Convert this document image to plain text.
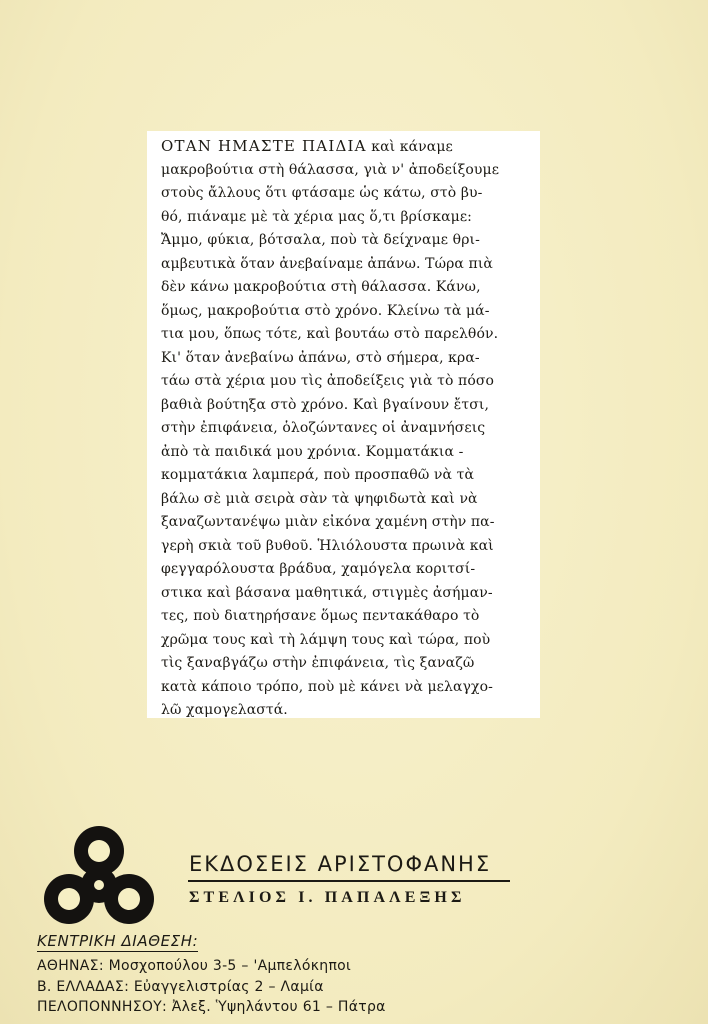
ΟΤΑΝ ΗΜΑΣΤΕ ΠΑΙΔΙΑ καὶ κάναμε
μακροβούτια στὴ θάλασσα, γιὰ ν' ἀποδείξουμε
στοὺς ἄλλους ὅτι φτάσαμε ὡς κάτω, στὸ βυ-
θό, πιάναμε μὲ τὰ χέρια μας ὅ,τι βρίσκαμε:
Ἄμμο, φύκια, βότσαλα, ποὺ τὰ δείχναμε θρι-
αμβευτικὰ ὅταν ἀνεβαίναμε ἀπάνω. Τώρα πιὰ
δὲν κάνω μακροβούτια στὴ θάλασσα. Κάνω,
ὅμως, μακροβούτια στὸ χρόνο. Κλείνω τὰ μά-
τια μου, ὅπως τότε, καὶ βουτάω στὸ παρελθόν.
Κι' ὅταν ἀνεβαίνω ἀπάνω, στὸ σήμερα, κρα-
τάω στὰ χέρια μου τὶς ἀποδείξεις γιὰ τὸ πόσο
βαθιὰ βούτηξα στὸ χρόνο. Καὶ βγαίνουν ἔτσι,
στὴν ἐπιφάνεια, ὁλοζώντανες οἱ ἀναμνήσεις
ἀπὸ τὰ παιδικά μου χρόνια. Κομματάκια -
κομματάκια λαμπερά, ποὺ προσπαθῶ νὰ τὰ
βάλω σὲ μιὰ σειρὰ σὰν τὰ ψηφιδωτὰ καὶ νὰ
ξαναζωντανέψω μιὰν εἰκόνα χαμένη στὴν πα-
γερὴ σκιὰ τοῦ βυθοῦ. Ἡλιόλουστα πρωινὰ καὶ
φεγγαρόλουστα βράδυα, χαμόγελα κοριτσί-
στικα καὶ βάσανα μαθητικά, στιγμὲς ἀσήμαν-
τες, ποὺ διατηρήσανε ὅμως πεντακάθαρο τὸ
χρῶμα τους καὶ τὴ λάμψη τους καὶ τώρα, ποὺ
τὶς ξαναβγάζω στὴν ἐπιφάνεια, τὶς ξαναζῶ
κατὰ κάποιο τρόπο, ποὺ μὲ κάνει νὰ μελαγχο-
λῶ χαμογελαστά.
ΕΚΔΟΣΕΙΣ ΑΡΙΣΤΟΦΑΝΗΣ
ΣΤΕΛΙΟΣ Ι. ΠΑΠΑΛΕΞΗΣ
ΚΕΝΤΡΙΚΗ ΔΙΑΘΕΣΗ:
ΑΘΗΝΑΣ: Μοσχοπούλου 3-5 – 'Αμπελόκηποι
Β. ΕΛΛΑΔΑΣ: Εὐαγγελιστρίας 2 – Λαμία
ΠΕΛΟΠΟΝΝΗΣΟΥ: Ἀλεξ. Ὑψηλάντου 61 – Πάτρα
